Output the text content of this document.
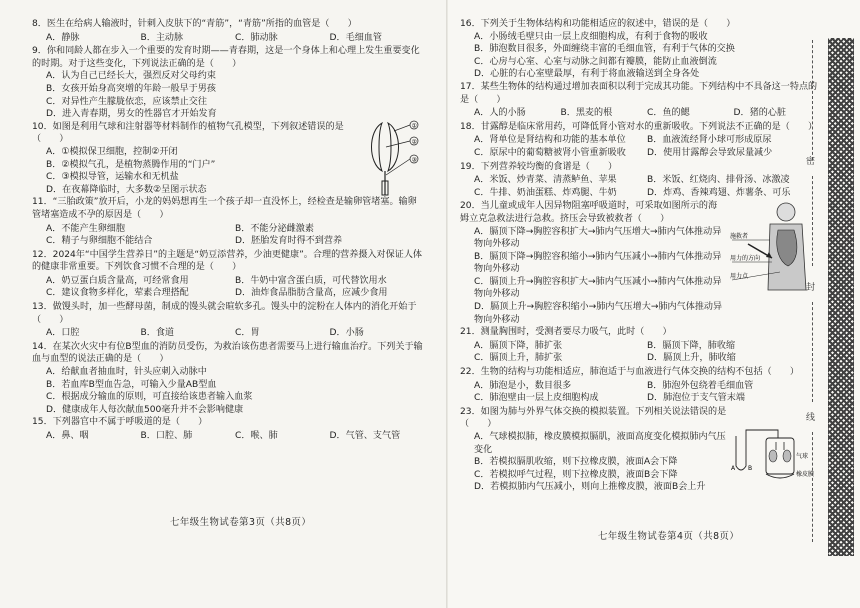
8．医生在给病人输液时，针刺入皮肤下的“青筋”，“青筋”所指的血管是（　　）

A．静脉	B．主动脉	C．肺动脉	D．毛细血管

9．你和同龄人都在步入一个重要的发育时期——青春期，这是一个身体上和心理上发生重要变化的时期。对于这些变化，下列说法正确的是（　　）

A．认为自己已经长大，强烈反对父母约束

B．女孩开始身高突增的年龄一般早于男孩

C．对异性产生朦胧依恋，应该禁止交往

D．进入青春期，男女的性器官才开始发育

10．如图是利用气球和注射器等材料制作的植物气孔模型，下列叙述错误的是（　　）

A．①模拟保卫细胞，控制②开闭

B．②模拟气孔，是植物蒸腾作用的“门户”

C．③模拟导管，运输水和无机盐

D．在夜幕降临时，大多数②呈图示状态

①
②
③

11．“三胎政策”放开后，小龙的妈妈想再生一个孩子却一直没怀上，经检查是输卵管堵塞。输卵管堵塞造成不孕的原因是（　　）

A．不能产生卵细胞	B．不能分泌雌激素
C．精子与卵细胞不能结合	D．胚胎发育时得不到营养

12．2024年“中国学生营养日”的主题是“奶豆添营养，少油更健康”。合理的营养摄入对保证人体的健康非常重要。下列饮食习惯不合理的是（　　）

A．奶豆蛋白质含量高，可经常食用	B．牛奶中富含蛋白质，可代替饮用水
C．建议食物多样化，荤素合理搭配	D．油炸食品脂肪含量高，应减少食用

13．做馒头时，加一些酵母菌，制成的馒头就会暄软多孔。馒头中的淀粉在人体内的消化开始于（　　）

A．口腔	B．食道	C．胃	D．小肠

14．在某次火灾中有位B型血的消防员受伤，为救治该伤患者需要马上进行输血治疗。下列关于输血与血型的说法正确的是（　　）

A．给献血者抽血时，针头应刺入动脉中

B．若血库B型血告急，可输入少量AB型血

C．根据成分输血的原则，可直接给该患者输入血浆

D．健康成年人每次献血500毫升并不会影响健康

15．下列器官中不属于呼吸道的是（　　）

A．鼻、咽	B．口腔、肺	C．喉、肺	D．气管、支气管
七年级生物试卷第3页（共8页）

16．下列关于生物体结构和功能相适应的叙述中，错误的是（　　）

A．小肠绒毛壁只由一层上皮细胞构成，有利于食物的吸收

B．肺泡数目很多，外面缠绕丰富的毛细血管，有利于气体的交换

C．心房与心室、心室与动脉之间都有瓣膜，能防止血液倒流

D．心脏的右心室壁最厚，有利于将血液输送到全身各处

17．某些生物体的结构通过增加表面积以利于完成其功能。下列结构中不具备这一特点的是（　　）

A．人的小肠	B．黑麦的根	C．鱼的鳃	D．猪的心脏

18．甘露醇是临床常用药，可降低肾小管对水的重新吸收。下列说法不正确的是（　　）

A．肾单位是肾结构和功能的基本单位	B．血液流经肾小球可形成原尿
C．原尿中的葡萄糖被肾小管重新吸收	D．使用甘露醇会导致尿量减少

19．下列营养较均衡的食谱是（　　）

A．米饭、炒青菜、清蒸鲈鱼、苹果	B．米饭、红烧肉、排骨汤、冰激凌
C．牛排、奶油蛋糕、炸鸡腿、牛奶	D．炸鸡、香辣鸡翅、炸薯条、可乐

20．当儿童或成年人因异物阻塞呼吸道时，可采取如图所示的海姆立克急救法进行急救。挤压会导致被救者（　　）

A．膈顶下降→胸腔容积扩大→肺内气压增大→肺内气体推动异物向外移动

B．膈顶下降→胸腔容积缩小→肺内气压减小→肺内气体推动异物向外移动

C．膈顶上升→胸腔容积扩大→肺内气压减小→肺内气体推动异物向外移动

D．膈顶上升→胸腔容积缩小→肺内气压增大→肺内气体推动异物向外移动

施救者
用力的方向
用力点

21．测量胸围时，受测者要尽力吸气，此时（　　）

A．膈顶下降，肺扩张	B．膈顶下降，肺收缩
C．膈顶上升，肺扩张	D．膈顶上升，肺收缩

22．生物的结构与功能相适应，肺泡适于与血液进行气体交换的结构不包括（　　）

A．肺泡是小，数目很多	B．肺泡外包绕着毛细血管
C．肺泡壁由一层上皮细胞构成	D．肺泡位于支气管末端

23．如图为肺与外界气体交换的模拟装置。下列相关说法错误的是（　　）

A．气球模拟肺，橡皮膜模拟膈肌，液面高度变化模拟肺内气压变化

B．若模拟膈肌收缩，则下拉橡皮膜，液面A会下降

C．若模拟呼气过程，则下拉橡皮膜，液面B会下降

D．若模拟肺内气压减小，则向上推橡皮膜，液面B会上升

A B
气球
橡皮膜
七年级生物试卷第4页（共8页）
密
封
线
